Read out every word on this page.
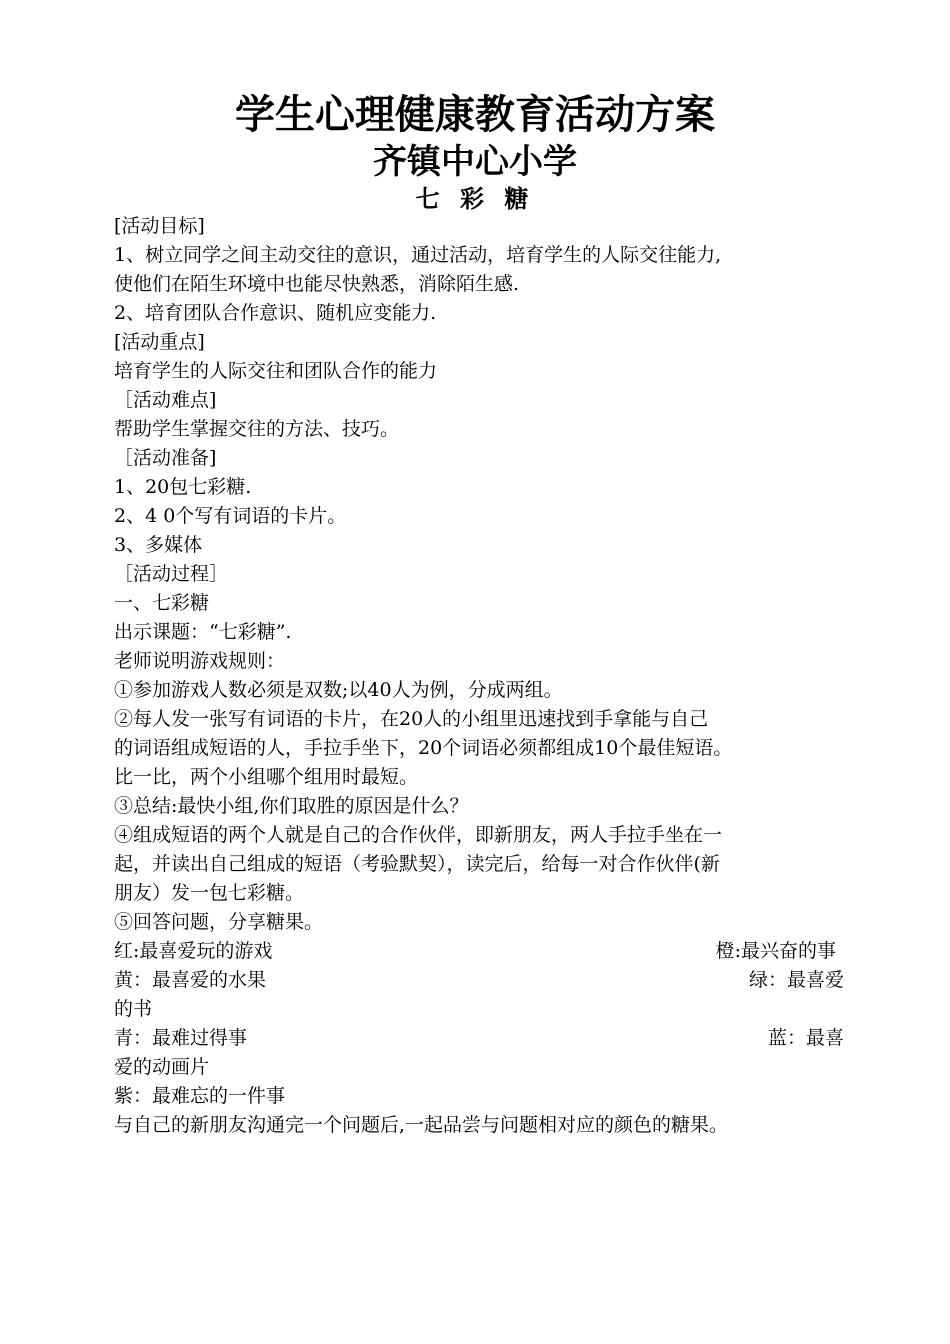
学生心理健康教育活动方案
齐镇中心小学
七 彩 糖
[活动目标]
1、树立同学之间主动交往的意识，通过活动，培育学生的人际交往能力,
使他们在陌生环境中也能尽快熟悉，消除陌生感.
2、培育团队合作意识、随机应变能力.
[活动重点]
培育学生的人际交往和团队合作的能力
［活动难点]
帮助学生掌握交往的方法、技巧。
［活动准备]
1、20包七彩糖.
2、4 0个写有词语的卡片。
3、多媒体
［活动过程］
一、七彩糖
出示课题：“七彩糖”.
老师说明游戏规则：
①参加游戏人数必须是双数;以40人为例，分成两组。
②每人发一张写有词语的卡片，在20人的小组里迅速找到手拿能与自己
的词语组成短语的人，手拉手坐下，20个词语必须都组成10个最佳短语。
比一比，两个小组哪个组用时最短。
③总结:最快小组,你们取胜的原因是什么？
④组成短语的两个人就是自己的合作伙伴，即新朋友，两人手拉手坐在一
起，并读出自己组成的短语（考验默契），读完后，给每一对合作伙伴(新
朋友）发一包七彩糖。
⑤回答问题，分享糖果。
红:最喜爱玩的游戏	橙:最兴奋的事
黄：最喜爱的水果	绿：最喜爱
的书
青：最难过得事	蓝：最喜
爱的动画片
紫：最难忘的一件事
与自己的新朋友沟通完一个问题后,一起品尝与问题相对应的颜色的糖果。
